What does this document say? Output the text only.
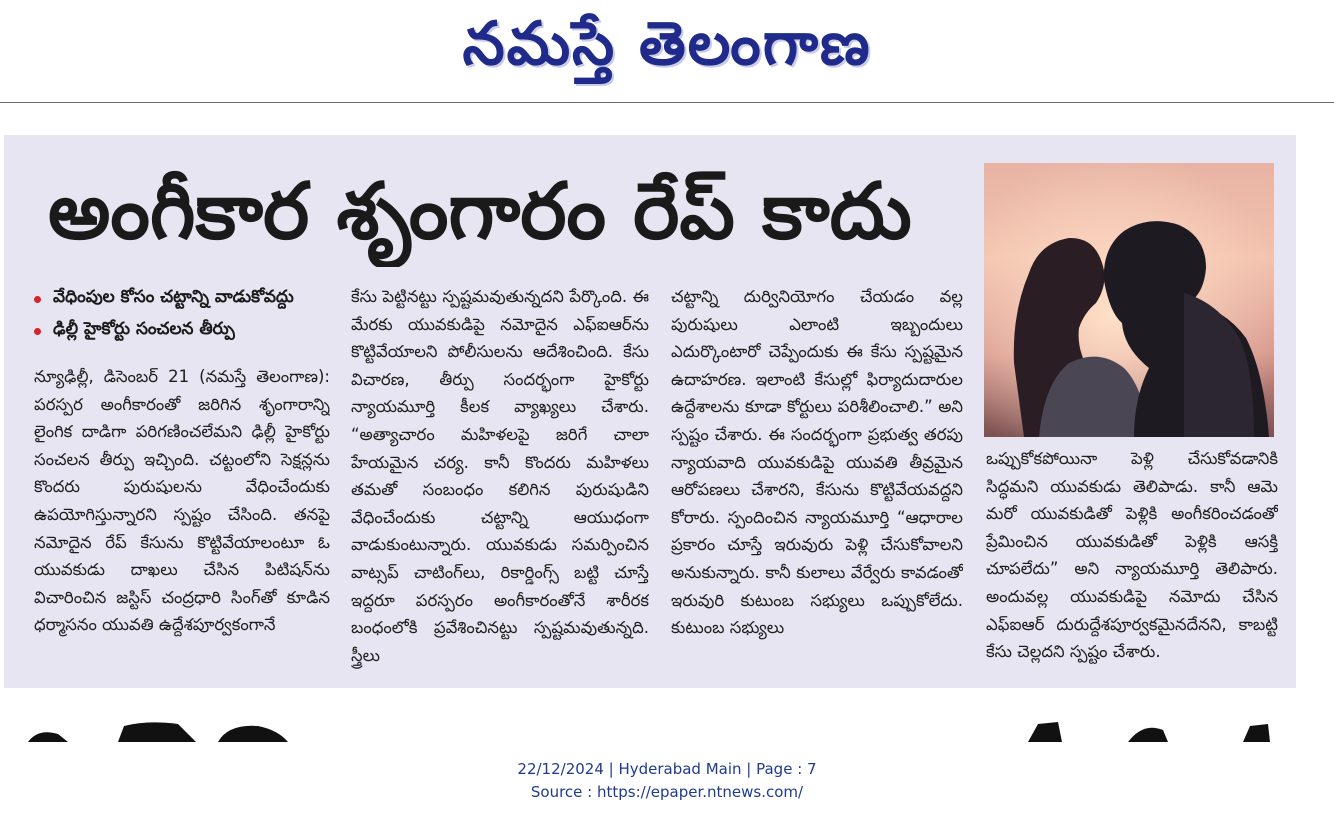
నమస్తే తెలంగాణ
అంగీకార శృంగారం రేప్ కాదు
వేధింపుల కోసం చట్టాన్ని వాడుకోవద్దు
ఢిల్లీ హైకోర్టు సంచలన తీర్పు

న్యూఢిల్లీ, డిసెంబర్ 21 (నమస్తే తెలంగాణ): పరస్పర అంగీకారంతో జరిగిన శృంగారాన్ని లైంగిక దాడిగా పరిగణించలేమని ఢిల్లీ హైకోర్టు సంచలన తీర్పు ఇచ్చింది. చట్టంలోని సెక్షన్లను కొందరు పురుషులను వేధించేందుకు ఉపయోగిస్తున్నారని స్పష్టం చేసింది. తనపై నమోదైన రేప్ కేసును కొట్టివేయాలంటూ ఓ యువకుడు దాఖలు చేసిన పిటిషన్‌ను విచారించిన జస్టిస్ చంద్రధారి సింగ్‌తో కూడిన ధర్మాసనం యువతి ఉద్దేశపూర్వకంగానే

కేసు పెట్టినట్టు స్పష్టమవుతున్నదని పేర్కొంది. ఈ మేరకు యువకుడిపై నమోదైన ఎఫ్ఐఆర్‌ను కొట్టివేయాలని పోలీసులను ఆదేశించింది. కేసు విచారణ, తీర్పు సందర్భంగా హైకోర్టు న్యాయమూర్తి కీలక వ్యాఖ్యలు చేశారు. “అత్యాచారం మహిళలపై జరిగే చాలా హేయమైన చర్య. కానీ కొందరు మహిళలు తమతో సంబంధం కలిగిన పురుషుడిని వేధించేందుకు చట్టాన్ని ఆయుధంగా వాడుకుంటున్నారు. యువకుడు సమర్పించిన వాట్సప్ చాటింగ్‌లు, రికార్డింగ్స్ బట్టి చూస్తే ఇద్దరూ పరస్పరం అంగీకారంతోనే శారీరక బంధంలోకి ప్రవేశించినట్టు స్పష్టమవుతున్నది. స్త్రీలు

చట్టాన్ని దుర్వినియోగం చేయడం వల్ల పురుషులు ఎలాంటి ఇబ్బందులు ఎదుర్కొంటారో చెప్పేందుకు ఈ కేసు స్పష్టమైన ఉదాహరణ. ఇలాంటి కేసుల్లో ఫిర్యాదుదారుల ఉద్దేశాలను కూడా కోర్టులు పరిశీలించాలి.” అని స్పష్టం చేశారు. ఈ సందర్భంగా ప్రభుత్వ తరపు న్యాయవాది యువకుడిపై యువతి తీవ్రమైన ఆరోపణలు చేశారని, కేసును కొట్టివేయవద్దని కోరారు. స్పందించిన న్యాయమూర్తి “ఆధారాల ప్రకారం చూస్తే ఇరువురు పెళ్లి చేసుకోవాలని అనుకున్నారు. కానీ కులాలు వేర్వేరు కావడంతో ఇరువురి కుటుంబ సభ్యులు ఒప్పుకోలేదు. కుటుంబ సభ్యులు

ఒప్పుకోకపోయినా పెళ్లి చేసుకోవడానికి సిద్ధమని యువకుడు తెలిపాడు. కానీ ఆమె మరో యువకుడితో పెళ్లికి అంగీకరించడంతో ప్రేమించిన యువకుడితో పెళ్లికి ఆసక్తి చూపలేదు” అని న్యాయమూర్తి తెలిపారు. అందువల్ల యువకుడిపై నమోదు చేసిన ఎఫ్ఐఆర్ దురుద్దేశపూర్వకమైనదేనని, కాబట్టి కేసు చెల్లదని స్పష్టం చేశారు.

22/12/2024 | Hyderabad Main | Page : 7
Source : https://epaper.ntnews.com/
